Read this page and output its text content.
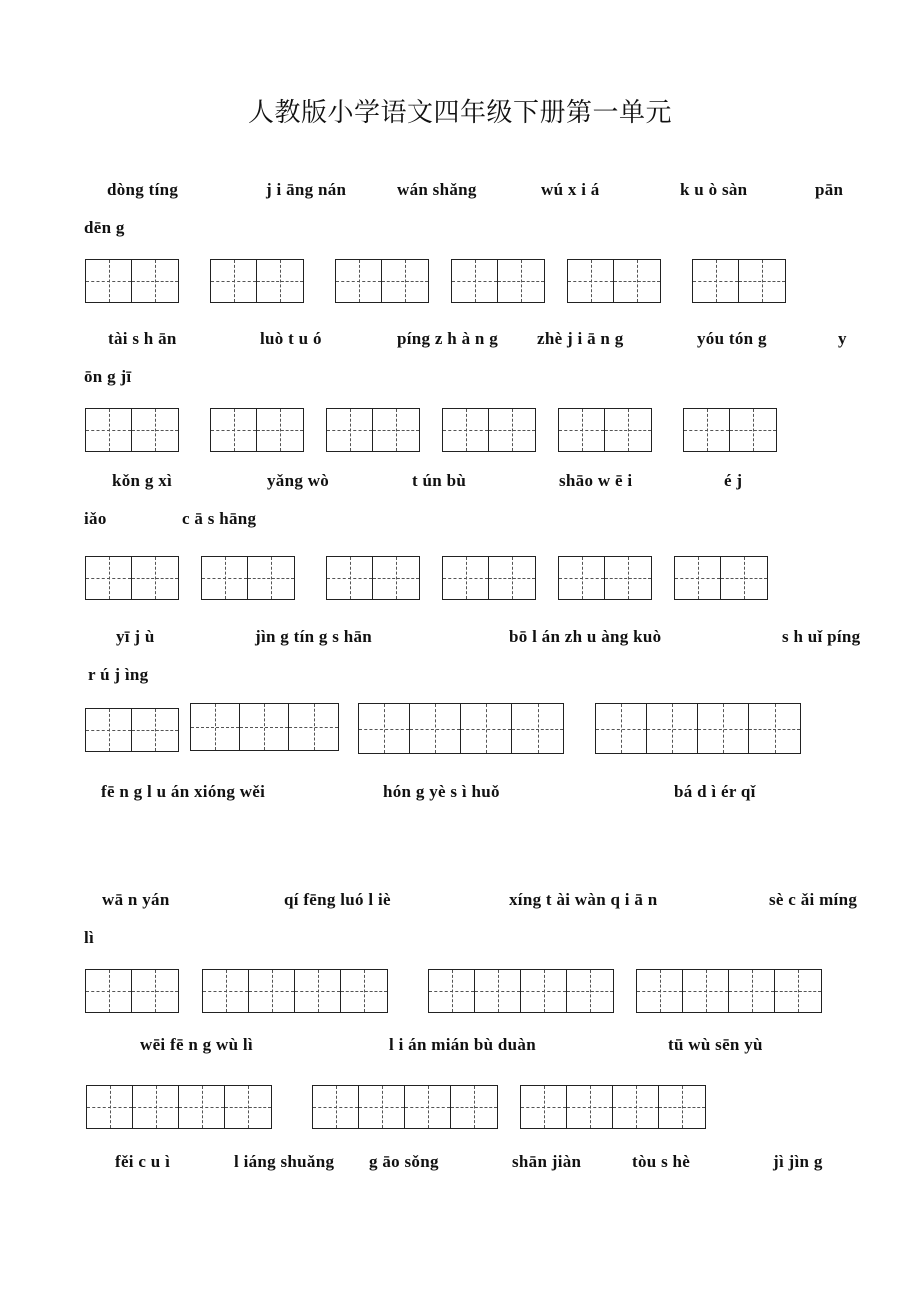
人教版小学语文四年级下册第一单元
dòng tíng	j i āng nán	wán shǎng	wú x i á	k u ò sàn	pān
dēn g
tài s h ān	luò t u ó	píng z h à n g zhè j i ā n g	yóu tón g	y
ōn g jī
kǒn g xì	yǎng wò	t ún bù	shāo w ē i	é j
iǎo	c ā s hāng
yī j ù	jìn g tín g s hān	bō l án zh u àng kuò	s h uǐ píng
r ú j ìng
fē n g l u án xióng wěi	hón g yè s ì huǒ	bá d ì ér qǐ
wā n yán	qí fēng luó l iè	xíng t ài wàn q i ā n	sè c ǎi míng
lì
wēi fē n g wù lì	l i án mián bù duàn	tū wù sēn yù
fěi c u ì	l iáng shuǎng g āo sǒng	shān jiàn	tòu s hè	jì jìn g
